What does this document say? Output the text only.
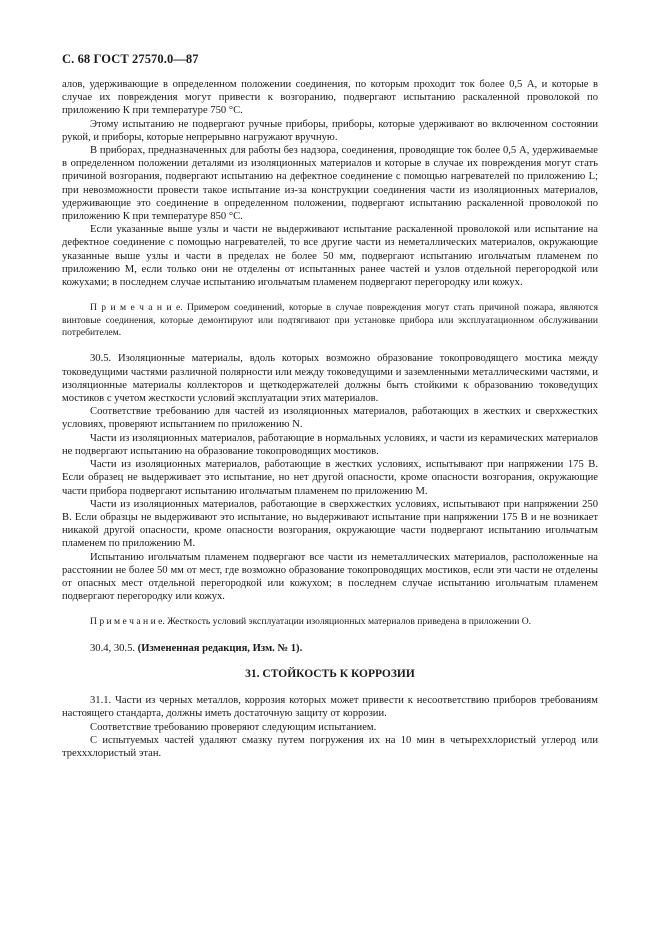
С. 68 ГОСТ 27570.0—87

алов, удерживающие в определенном положении соединения, по которым проходит ток более 0,5 А, и которые в случае их повреждения могут привести к возгоранию, подвергают испытанию раскаленной проволокой по приложению К при температуре 750 °С.

Этому испытанию не подвергают ручные приборы, приборы, которые удерживают во включенном состоянии рукой, и приборы, которые непрерывно нагружают вручную.

В приборах, предназначенных для работы без надзора, соединения, проводящие ток более 0,5 А, удерживаемые в определенном положении деталями из изоляционных материалов и которые в случае их повреждения могут стать причиной возгорания, подвергают испытанию на дефектное соединение с помощью нагревателей по приложению L; при невозможности провести такое испытание из-за конструкции соединения части из изоляционных материалов, удерживающие это соединение в определенном положении, подвергают испытанию раскаленной проволокой по приложению К при температуре 850 °С.

Если указанные выше узлы и части не выдерживают испытание раскаленной проволокой или испытание на дефектное соединение с помощью нагревателей, то все другие части из неметаллических материалов, окружающие указанные выше узлы и части в пределах не более 50 мм, подвергают испытанию игольчатым пламенем по приложению М, если только они не отделены от испытанных ранее частей и узлов отдельной перегородкой или кожухами; в последнем случае испытанию игольчатым пламенем подвергают перегородку или кожух.

П р и м е ч а н и е. Примером соединений, которые в случае повреждения могут стать причиной пожара, являются винтовые соединения, которые демонтируют или подтягивают при установке прибора или эксплуатационном обслуживании потребителем.

30.5. Изоляционные материалы, вдоль которых возможно образование токопроводящего мостика между токоведущими частями различной полярности или между токоведущими и заземленными металлическими частями, и изоляционные материалы коллекторов и щеткодержателей должны быть стойкими к образованию токоведущих мостиков с учетом жесткости условий эксплуатации этих материалов.

Соответствие требованию для частей из изоляционных материалов, работающих в жестких и сверхжестких условиях, проверяют испытанием по приложению N.

Части из изоляционных материалов, работающие в нормальных условиях, и части из керамических материалов не подвергают испытанию на образование токопроводящих мостиков.

Части из изоляционных материалов, работающие в жестких условиях, испытывают при напряжении 175 В. Если образец не выдерживает это испытание, но нет другой опасности, кроме опасности возгорания, окружающие части прибора подвергают испытанию игольчатым пламенем по приложению М.

Части из изоляционных материалов, работающие в сверхжестких условиях, испытывают при напряжении 250 В. Если образцы не выдерживают это испытание, но выдерживают испытание при напряжении 175 В и не возникает никакой другой опасности, кроме опасности возгорания, окружающие части подвергают испытанию игольчатым пламенем по приложению М.

Испытанию игольчатым пламенем подвергают все части из неметаллических материалов, расположенные на расстоянии не более 50 мм от мест, где возможно образование токопроводящих мостиков, если эти части не отделены от опасных мест отдельной перегородкой или кожухом; в последнем случае испытанию игольчатым пламенем подвергают перегородку или кожух.

П р и м е ч а н и е. Жесткость условий эксплуатации изоляционных материалов приведена в приложении О.

30.4, 30.5. (Измененная редакция, Изм. № 1).

31. СТОЙКОСТЬ К КОРРОЗИИ

31.1. Части из черных металлов, коррозия которых может привести к несоответствию приборов требованиям настоящего стандарта, должны иметь достаточную защиту от коррозии.

Соответствие требованию проверяют следующим испытанием.

С испытуемых частей удаляют смазку путем погружения их на 10 мин в четыреххлористый углерод или трехххлористый этан.
